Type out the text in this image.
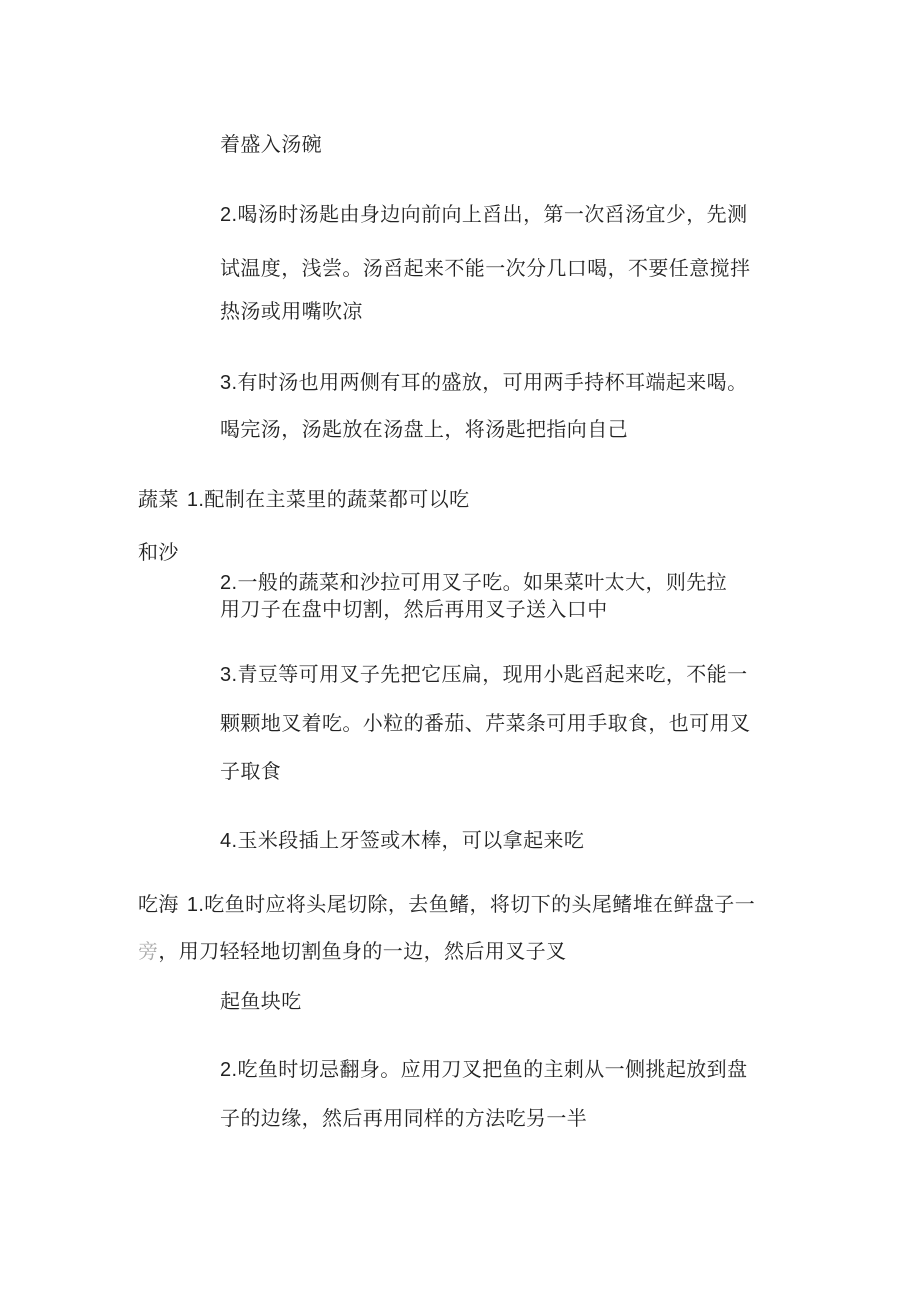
着盛入汤碗

2.喝汤时汤匙由身边向前向上舀出，第一次舀汤宜少，先测

试温度，浅尝。汤舀起来不能一次分几口喝，不要任意搅拌

热汤或用嘴吹凉

3.有时汤也用两侧有耳的盛放，可用两手持杯耳端起来喝。

喝完汤，汤匙放在汤盘上，将汤匙把指向自己

蔬菜 1.配制在主菜里的蔬菜都可以吃

和沙

2.一般的蔬菜和沙拉可用叉子吃。如果菜叶太大，则先拉

用刀子在盘中切割，然后再用叉子送入口中

3.青豆等可用叉子先把它压扁，现用小匙舀起来吃，不能一

颗颗地叉着吃。小粒的番茄、芹菜条可用手取食，也可用叉

子取食

4.玉米段插上牙签或木棒，可以拿起来吃

吃海 1.吃鱼时应将头尾切除，去鱼鳍，将切下的头尾鳍堆在鲜盘子一

旁，用刀轻轻地切割鱼身的一边，然后用叉子叉

起鱼块吃

2.吃鱼时切忌翻身。应用刀叉把鱼的主刺从一侧挑起放到盘

子的边缘，然后再用同样的方法吃另一半
